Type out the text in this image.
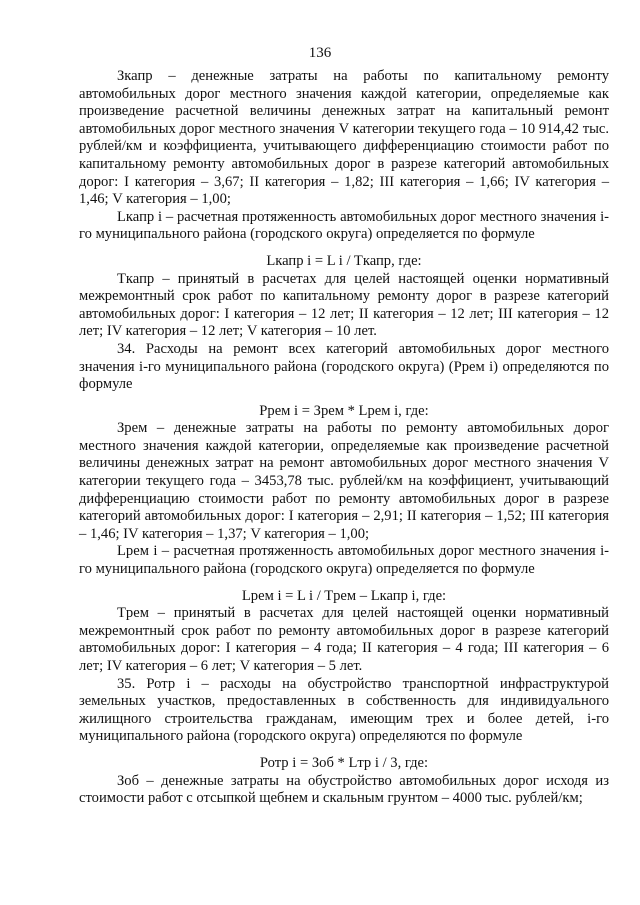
136

Зкапр – денежные затраты на работы по капитальному ремонту автомобильных дорог местного значения каждой категории, определяемые как произведение расчетной величины денежных затрат на капитальный ремонт автомобильных дорог местного значения V категории текущего года – 10 914,42 тыс. рублей/км и коэффициента, учитывающего дифференциацию стоимости работ по капитальному ремонту автомобильных дорог в разрезе категорий автомобильных дорог: I категория – 3,67; II категория – 1,82; III категория – 1,66; IV категория – 1,46; V категория – 1,00;

Lкапр i – расчетная протяженность автомобильных дорог местного значения i-го муниципального района (городского округа) определяется по формуле

Lкапр i = L i / Tкапр, где:

Tкапр – принятый в расчетах для целей настоящей оценки нормативный межремонтный срок работ по капитальному ремонту дорог в разрезе категорий автомобильных дорог: I категория – 12 лет; II категория – 12 лет; III категория – 12 лет; IV категория – 12 лет; V категория – 10 лет.

34. Расходы на ремонт всех категорий автомобильных дорог местного значения i-го муниципального района (городского округа) (Ррем i) определяются по формуле

Ррем i = Зрем * Lрем i, где:

Зрем – денежные затраты на работы по ремонту автомобильных дорог местного значения каждой категории, определяемые как произведение расчетной величины денежных затрат на ремонт автомобильных дорог местного значения V категории текущего года – 3453,78 тыс. рублей/км на коэффициент, учитывающий дифференциацию стоимости работ по ремонту автомобильных дорог в разрезе категорий автомобильных дорог: I категория – 2,91; II категория – 1,52; III категория – 1,46; IV категория – 1,37; V категория – 1,00;

Lрем i – расчетная протяженность автомобильных дорог местного значения i-го муниципального района (городского округа) определяется по формуле

Lрем i = L i / Tрем – Lкапр i, где:

Tрем – принятый в расчетах для целей настоящей оценки нормативный межремонтный срок работ по ремонту автомобильных дорог в разрезе категорий автомобильных дорог: I категория – 4 года; II категория – 4 года; III категория – 6 лет; IV категория – 6 лет; V категория – 5 лет.

35. Ротр i – расходы на обустройство транспортной инфраструктурой земельных участков, предоставленных в собственность для индивидуального жилищного строительства гражданам, имеющим трех и более детей, i-го муниципального района (городского округа) определяются по формуле

Ротр i = Зоб * Lтр i / 3, где:

Зоб – денежные затраты на обустройство автомобильных дорог исходя из стоимости работ с отсыпкой щебнем и скальным грунтом – 4000 тыс. рублей/км;
